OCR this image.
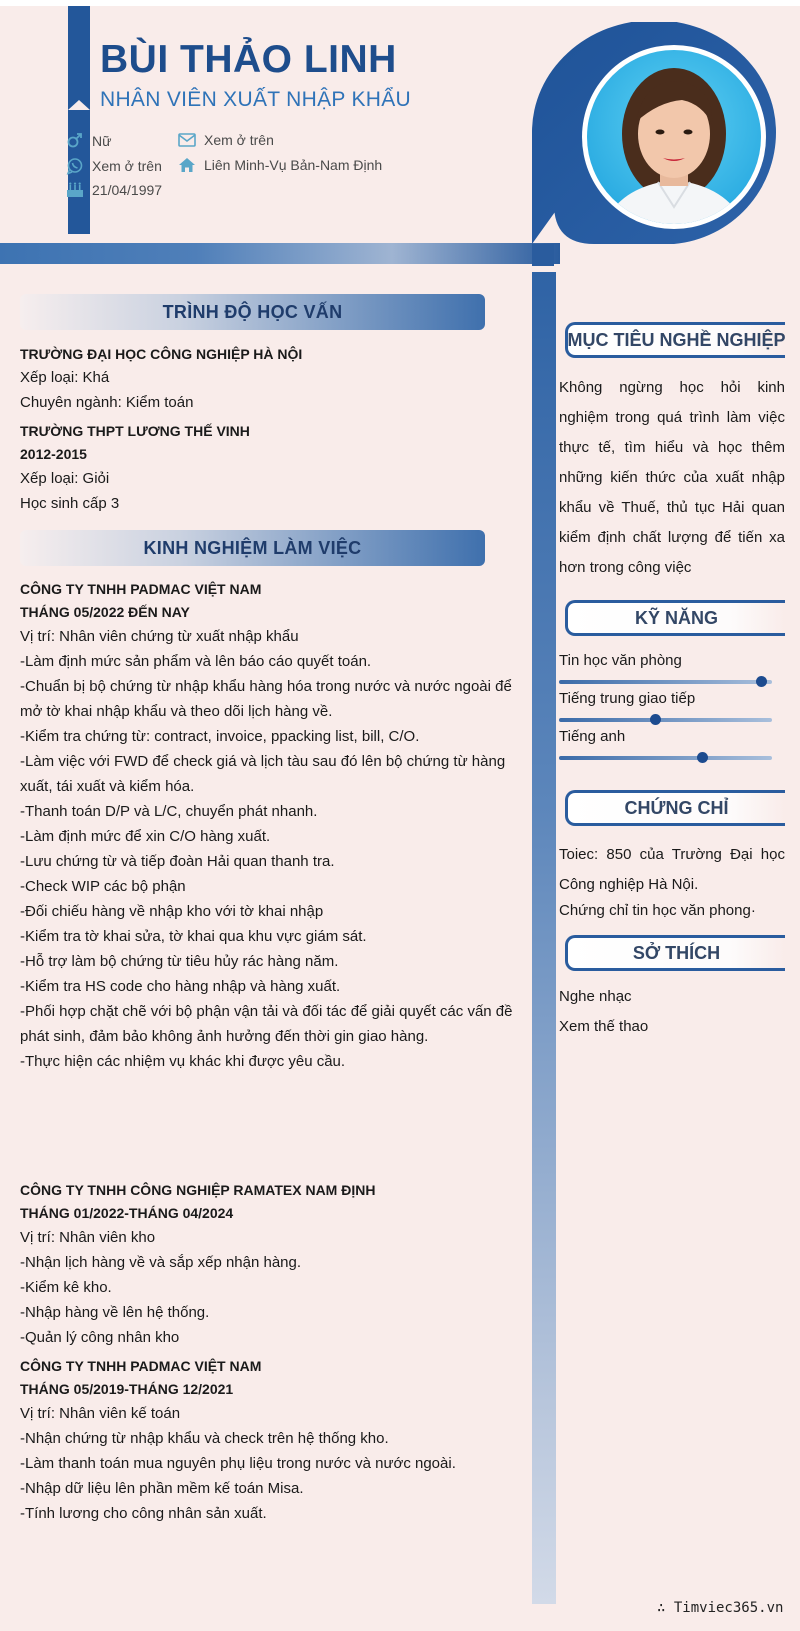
BÙI THẢO LINH
NHÂN VIÊN XUẤT NHẬP KHẨU
Nữ	Xem ở trên
Xem ở trên	Liên Minh-Vụ Bản-Nam Định
21/04/1997
TRÌNH ĐỘ HỌC VẤN
TRƯỜNG ĐẠI HỌC CÔNG NGHIỆP HÀ NỘI
Xếp loại: Khá
Chuyên ngành: Kiểm toán
TRƯỜNG THPT LƯƠNG THẾ VINH
2012-2015
Xếp loại: Giỏi
Học sinh cấp 3
KINH NGHIỆM LÀM VIỆC
CÔNG TY TNHH PADMAC VIỆT NAM
THÁNG 05/2022 ĐẾN NAY
Vị trí: Nhân viên chứng từ xuất nhập khẩu
-Làm định mức sản phẩm và lên báo cáo quyết toán.
-Chuẩn bị bộ chứng từ nhập khẩu hàng hóa trong nước và nước ngoài để
mở tờ khai nhập khẩu và theo dõi lịch hàng về.
-Kiểm tra chứng từ: contract, invoice, ppacking list, bill, C/O.
-Làm việc với FWD để check giá và lịch tàu sau đó lên bộ chứng từ hàng
xuất, tái xuất và kiểm hóa.
-Thanh toán D/P và L/C, chuyển phát nhanh.
-Làm định mức để xin C/O hàng xuất.
-Lưu chứng từ và tiếp đoàn Hải quan thanh tra.
-Check WIP các bộ phận
-Đối chiếu hàng về nhập kho với tờ khai nhập
-Kiểm tra tờ khai sửa, tờ khai qua khu vực giám sát.
-Hỗ trợ làm bộ chứng từ tiêu hủy rác hàng năm.
-Kiểm tra HS code cho hàng nhập và hàng xuất.
-Phối hợp chặt chẽ với bộ phận vận tải và đối tác để giải quyết các vấn đề
phát sinh, đảm bảo không ảnh hưởng đến thời gin giao hàng.
-Thực hiện các nhiệm vụ khác khi được yêu cầu.
CÔNG TY TNHH CÔNG NGHIỆP RAMATEX NAM ĐỊNH
THÁNG 01/2022-THÁNG 04/2024
Vị trí: Nhân viên kho
-Nhận lịch hàng về và sắp xếp nhận hàng.
-Kiểm kê kho.
-Nhập hàng về lên hệ thống.
-Quản lý công nhân kho
CÔNG TY TNHH PADMAC VIỆT NAM
THÁNG 05/2019-THÁNG 12/2021
Vị trí: Nhân viên kế toán
-Nhận chứng từ nhập khẩu và check trên hệ thống kho.
-Làm thanh toán mua nguyên phụ liệu trong nước và nước ngoài.
-Nhập dữ liệu lên phần mềm kế toán Misa.
-Tính lương cho công nhân sản xuất.
MỤC TIÊU NGHỀ NGHIỆP
Không ngừng học hỏi kinh nghiệm trong quá trình làm việc thực tế, tìm hiểu và học thêm những kiến thức của xuất nhập khẩu về Thuế, thủ tục Hải quan kiểm định chất lượng để tiến xa hơn trong công việc
KỸ NĂNG
Tin học văn phòng
Tiếng trung giao tiếp
Tiếng anh
CHỨNG CHỈ
Toiec: 850 của Trường Đại học Công nghiệp Hà Nội.
Chứng chỉ tin học văn phong·
SỞ THÍCH
Nghe nhạc
Xem thế thao
∴ Timviec365.vn
